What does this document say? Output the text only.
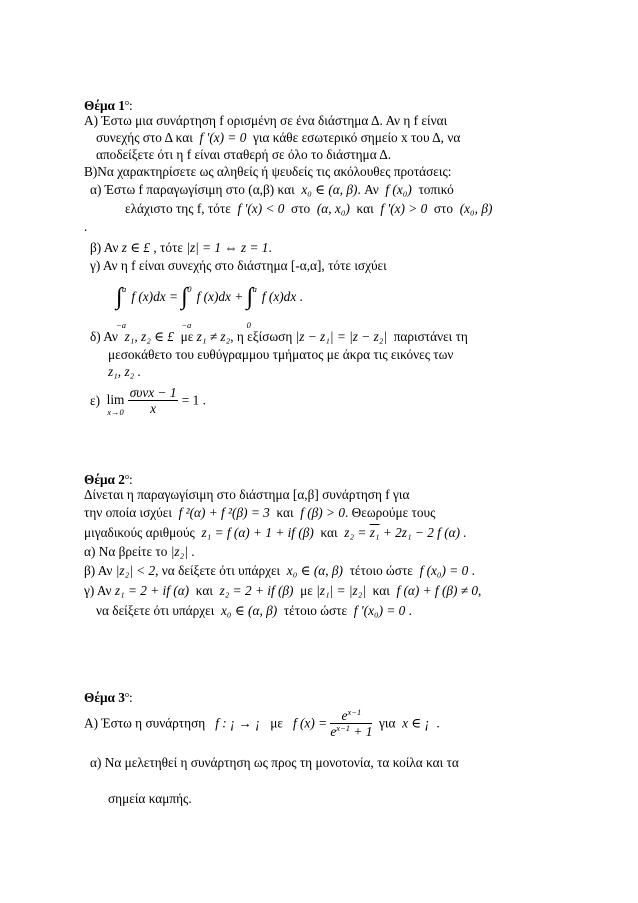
Θέμα $1^o$:
Α) Έστω μια συνάρτηση f ορισμένη σε ένα διάστημα Δ. Αν η f είναι
συνεχής στο Δ και f '(x) = 0 για κάθε εσωτερικό σημείο x του Δ, να
αποδείξετε ότι η f είναι σταθερή σε όλο το διάστημα Δ.
Β)Να χαρακτηρίσετε ως αληθείς ή ψευδείς τις ακόλουθες προτάσεις:
α) Έστω f παραγωγίσιμη στο (α,β) και x₀ ∈ (α, β). Αν f (x₀) τοπικό
ελάχιστο της f, τότε f '(x) < 0 στο (α, x₀) και f '(x) > 0 στο (x₀, β)
.
β) Αν z ∈ £ , τότε |z| = 1 ⇔ z = 1.
γ) Αν η f είναι συνεχής στο διάστημα [-α,α], τότε ισχύει
∫ a
−a
f (x)dx = ∫ 0
−a
f (x)dx + ∫ a
0
f (x)dx .
δ) Αν z₁, z₂ ∈ £ με z₁ ≠ z₂, η εξίσωση |z − z₁| = |z − z₂| παριστάνει τη
μεσοκάθετο του ευθύγραμμου τμήματος με άκρα τις εικόνες των
z₁, z₂ .
ε) lim
x→0
$\frac{\text{συνx − 1}}{x} = 1$ .
Θέμα $2^o$:
Δίνεται η παραγωγίσιμη στο διάστημα [α,β] συνάρτηση f για
την οποία ισχύει f ²(α) + f ²(β) = 3 και f (β) > 0. Θεωρούμε τους
μιγαδικούς αριθμούς z₁ = f (α) + 1 + if (β) και z₂ = z₁ + 2z₁ − 2 f (α) .
α) Να βρείτε το |z₂| .
β) Αν |z₂| < 2, να δείξετε ότι υπάρχει x₀ ∈ (α, β) τέτοιο ώστε f (x₀) = 0 .
γ) Αν z₁ = 2 + if (α) και z₂ = 2 + if (β) με |z₁| = |z₂| και f (α) + f (β) ≠ 0,
να δείξετε ότι υπάρχει x₀ ∈ (α, β) τέτοιο ώστε f '(x₀) = 0 .
Θέμα $3^o$:
Α) Έστω η συνάρτηση f : ¡ → ¡ με f $(x) = \frac{e^{x-1}}{e^{x-1} + 1}$ για x ∈ ¡ .
α) Να μελετηθεί η συνάρτηση ως προς τη μονοτονία, τα κοίλα και τα
σημεία καμπής.
